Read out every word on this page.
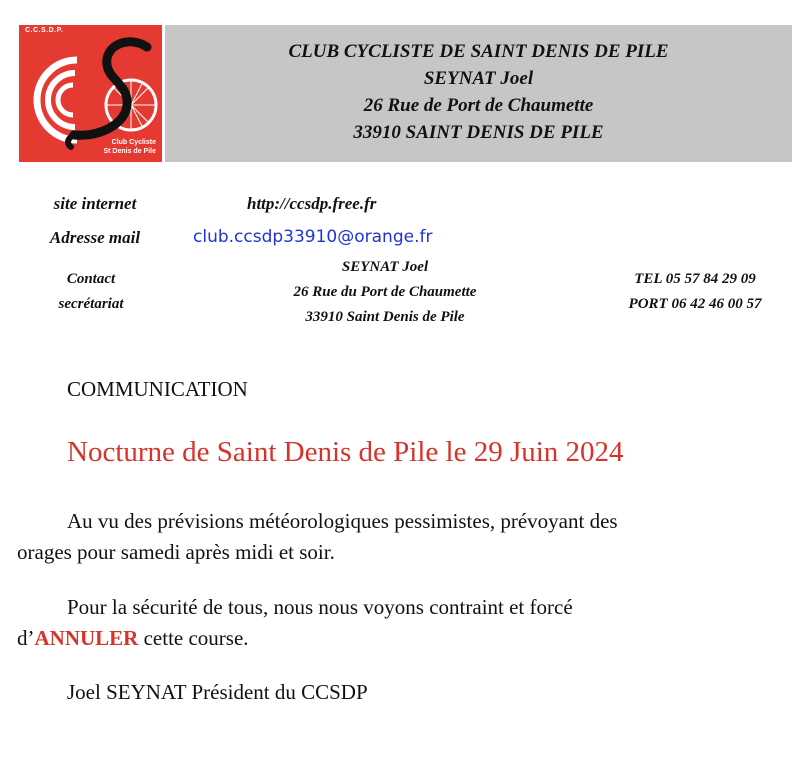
C.C.S.D.P.
Club Cycliste
St Denis de Pile
CLUB CYCLISTE DE SAINT DENIS DE PILE
SEYNAT Joel
26 Rue de Port de Chaumette
33910 SAINT DENIS DE PILE
site internet	http://ccsdp.free.fr
Adresse mail	club.ccsdp33910@orange.fr
Contact
secrétariat
SEYNAT Joel
26 Rue du Port de Chaumette
33910 Saint Denis de Pile
TEL 05 57 84 29 09
PORT 06 42 46 00 57
COMMUNICATION
Nocturne de Saint Denis de Pile le 29 Juin 2024
Au vu des prévisions météorologiques pessimistes, prévoyant des
orages pour samedi après midi et soir.
Pour la sécurité de tous, nous nous voyons contraint et forcé
d’ANNULER cette course.
Joel SEYNAT Président du CCSDP
